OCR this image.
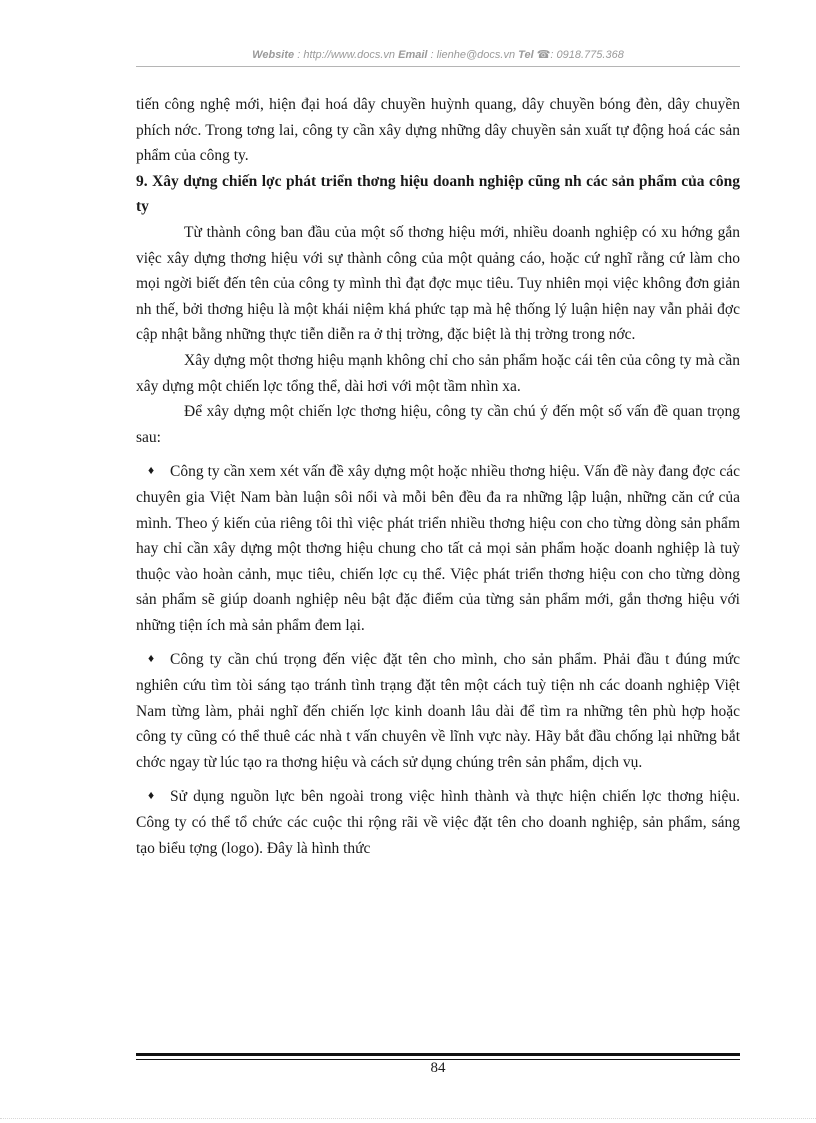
Website : http://www.docs.vn Email : lienhe@docs.vn Tel ☎: 0918.775.368

tiến công nghệ mới, hiện đại hoá dây chuyền huỳnh quang, dây chuyền bóng đèn, dây chuyền phích nớc. Trong tơng lai, công ty cần xây dựng những dây chuyền sản xuất tự động hoá các sản phẩm của công ty.

9. Xây dựng chiến lợc phát triển thơng hiệu doanh nghiệp cũng nh các sản phẩm của công ty

Từ thành công ban đầu của một số thơng hiệu mới, nhiều doanh nghiệp có xu hớng gắn việc xây dựng thơng hiệu với sự thành công của một quảng cáo, hoặc cứ nghĩ rằng cứ làm cho mọi ngời biết đến tên của công ty mình thì đạt đợc mục tiêu. Tuy nhiên mọi việc không đơn giản nh thế, bởi thơng hiệu là một khái niệm khá phức tạp mà hệ thống lý luận hiện nay vẫn phải đợc cập nhật bằng những thực tiễn diễn ra ở thị trờng, đặc biệt là thị trờng trong nớc.

Xây dựng một thơng hiệu mạnh không chỉ cho sản phẩm hoặc cái tên của công ty mà cần xây dựng một chiến lợc tổng thể, dài hơi với một tầm nhìn xa.

Để xây dựng một chiến lợc thơng hiệu, công ty cần chú ý đến một số vấn đề quan trọng sau:

♦ Công ty cần xem xét vấn đề xây dựng một hoặc nhiều thơng hiệu. Vấn đề này đang đợc các chuyên gia Việt Nam bàn luận sôi nổi và mỗi bên đều đa ra những lập luận, những căn cứ của mình. Theo ý kiến của riêng tôi thì việc phát triển nhiều thơng hiệu con cho từng dòng sản phẩm hay chỉ cần xây dựng một thơng hiệu chung cho tất cả mọi sản phẩm hoặc doanh nghiệp là tuỳ thuộc vào hoàn cảnh, mục tiêu, chiến lợc cụ thể. Việc phát triển thơng hiệu con cho từng dòng sản phẩm sẽ giúp doanh nghiệp nêu bật đặc điểm của từng sản phẩm mới, gắn thơng hiệu với những tiện ích mà sản phẩm đem lại.

♦ Công ty cần chú trọng đến việc đặt tên cho mình, cho sản phẩm. Phải đầu t đúng mức nghiên cứu tìm tòi sáng tạo tránh tình trạng đặt tên một cách tuỳ tiện nh các doanh nghiệp Việt Nam từng làm, phải nghĩ đến chiến lợc kinh doanh lâu dài để tìm ra những tên phù hợp hoặc công ty cũng có thể thuê các nhà t vấn chuyên về lĩnh vực này. Hãy bắt đầu chống lại những bắt chớc ngay từ lúc tạo ra thơng hiệu và cách sử dụng chúng trên sản phẩm, dịch vụ.

♦ Sử dụng nguồn lực bên ngoài trong việc hình thành và thực hiện chiến lợc thơng hiệu. Công ty có thể tổ chức các cuộc thi rộng rãi về việc đặt tên cho doanh nghiệp, sản phẩm, sáng tạo biểu tợng (logo). Đây là hình thức

84
